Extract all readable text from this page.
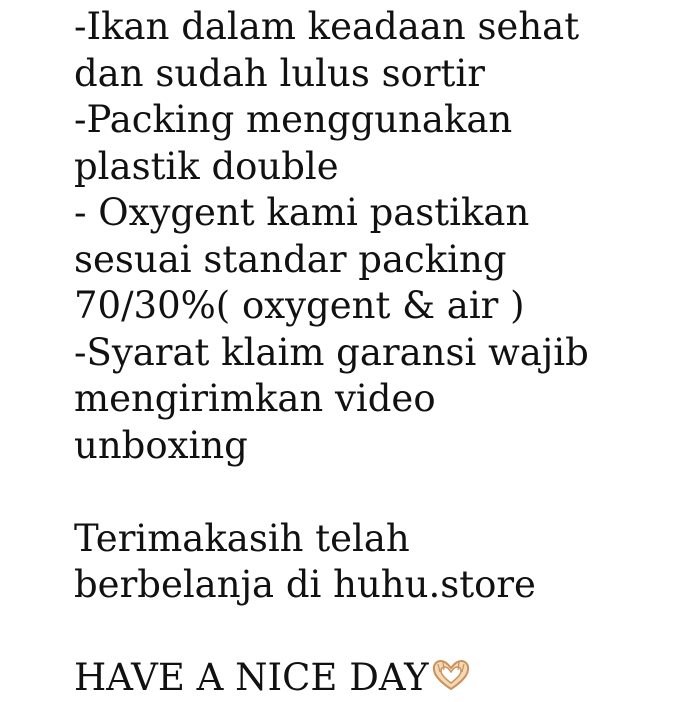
-Ikan dalam keadaan sehat
dan sudah lulus sortir
-Packing menggunakan
plastik double
- Oxygent kami pastikan
sesuai standar packing
70/30%( oxygent & air )
-Syarat klaim garansi wajib
mengirimkan video
unboxing
Terimakasih telah
berbelanja di huhu.store
HAVE A NICE DAY
